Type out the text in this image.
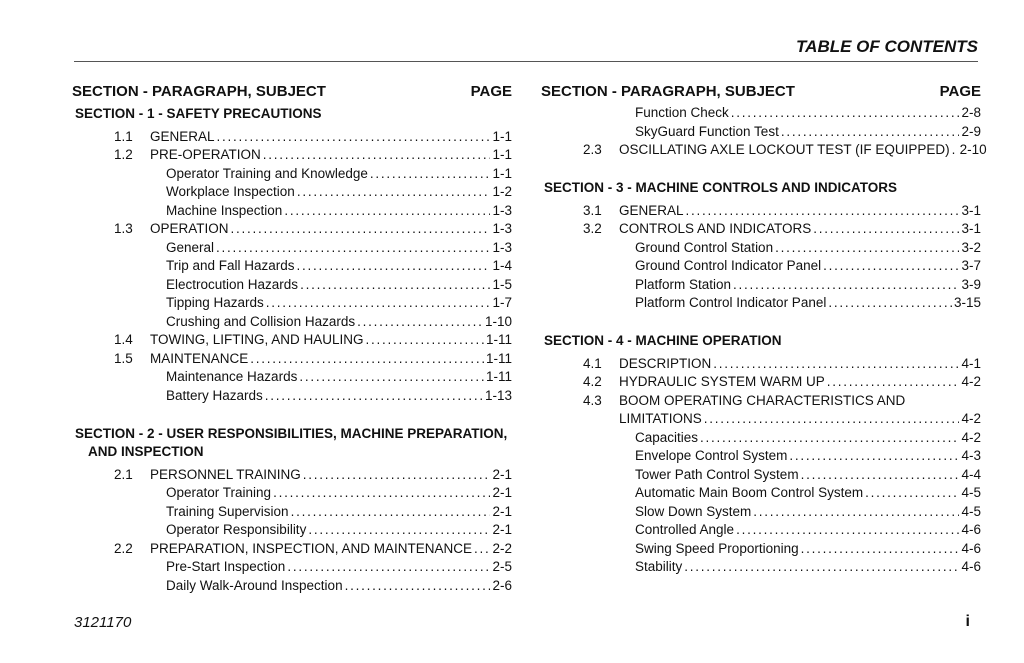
TABLE OF CONTENTS
SECTION - PARAGRAPH, SUBJECT	PAGE
SECTION - 1 - SAFETY PRECAUTIONS
1.1	GENERAL . . .	1-1
1.2	PRE-OPERATION . . .	1-1
Operator Training and Knowledge . . .	1-1
Workplace Inspection . . .	1-2
Machine Inspection . . .	1-3
1.3	OPERATION . . .	1-3
General . . .	1-3
Trip and Fall Hazards . . .	1-4
Electrocution Hazards . . .	1-5
Tipping Hazards . . .	1-7
Crushing and Collision Hazards . . .	1-10
1.4	TOWING, LIFTING, AND HAULING . . .	1-11
1.5	MAINTENANCE . . .	1-11
Maintenance Hazards . . .	1-11
Battery Hazards . . .	1-13
SECTION - 2 - USER RESPONSIBILITIES, MACHINE PREPARATION,
AND INSPECTION
2.1	PERSONNEL TRAINING . . .	2-1
Operator Training . . .	2-1
Training Supervision . . .	2-1
Operator Responsibility . . .	2-1
2.2	PREPARATION, INSPECTION, AND MAINTENANCE . . . 2-2
Pre-Start Inspection . . .	2-5
Daily Walk-Around Inspection . . .	2-6
SECTION - PARAGRAPH, SUBJECT	PAGE
Function Check . . .	2-8
SkyGuard Function Test . . .	2-9
2.3	OSCILLATING AXLE LOCKOUT TEST (IF EQUIPPED) . . . 2-10
SECTION - 3 - MACHINE CONTROLS AND INDICATORS
3.1	GENERAL . . .	3-1
3.2	CONTROLS AND INDICATORS . . .	3-1
Ground Control Station . . .	3-2
Ground Control Indicator Panel . . .	3-7
Platform Station . . .	3-9
Platform Control Indicator Panel . . .	3-15
SECTION - 4 - MACHINE OPERATION
4.1	DESCRIPTION . . .	4-1
4.2	HYDRAULIC SYSTEM WARM UP . . .	4-2
4.3	BOOM OPERATING CHARACTERISTICS AND
LIMITATIONS . . .	4-2
Capacities . . .	4-2
Envelope Control System . . .	4-3
Tower Path Control System . . .	4-4
Automatic Main Boom Control System . . .	4-5
Slow Down System . . .	4-5
Controlled Angle . . .	4-6
Swing Speed Proportioning . . .	4-6
Stability . . .	4-6
3121170	i
